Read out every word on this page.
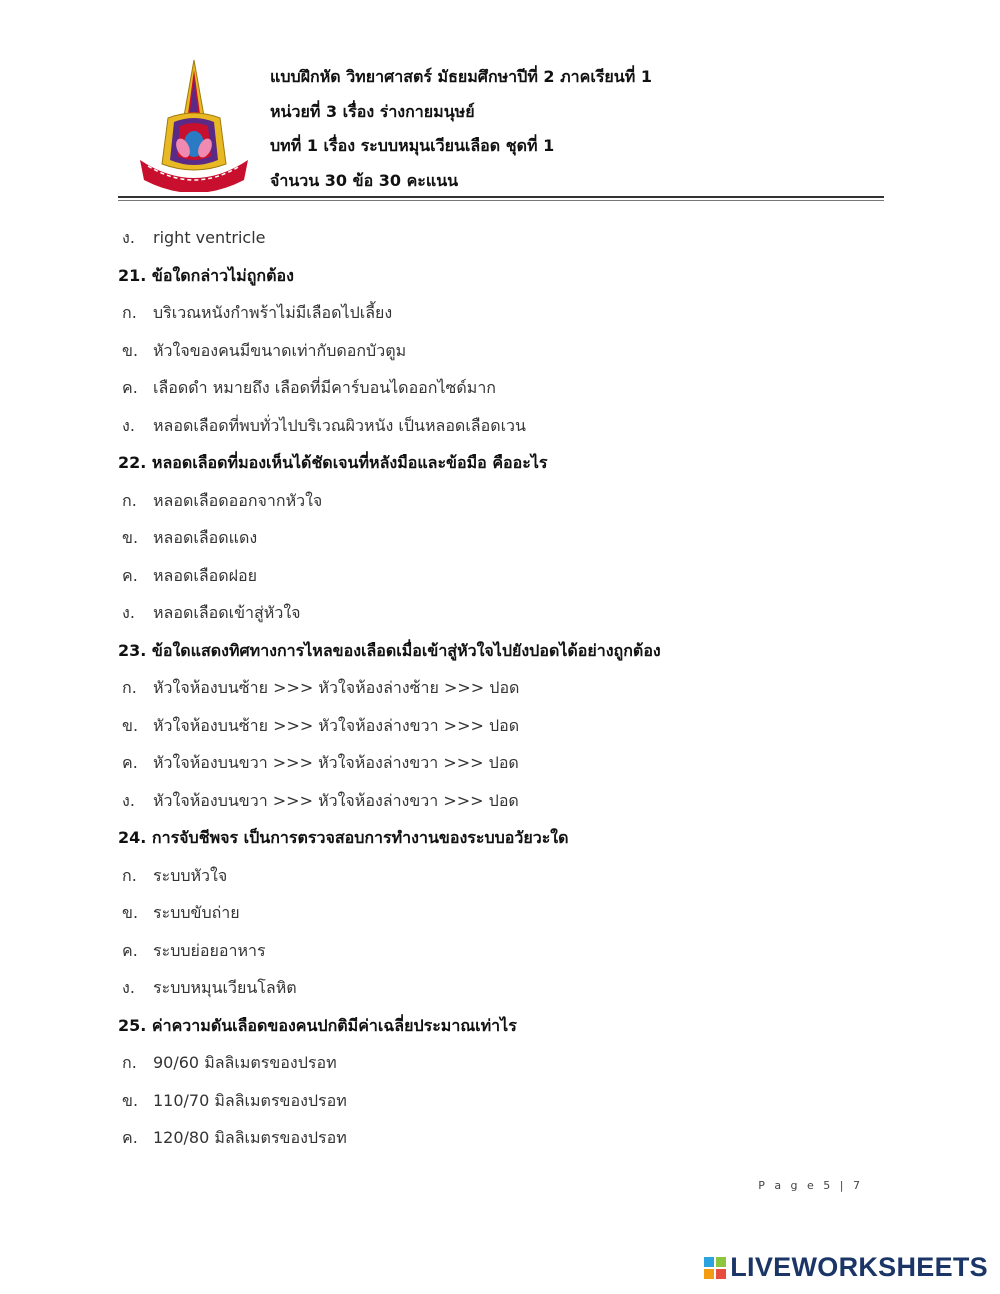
แบบฝึกหัด วิทยาศาสตร์ มัธยมศึกษาปีที่ 2 ภาคเรียนที่ 1
หน่วยที่ 3 เรื่อง ร่างกายมนุษย์
บทที่ 1 เรื่อง ระบบหมุนเวียนเลือด ชุดที่ 1
จำนวน 30 ข้อ 30 คะแนน
ง. right ventricle
21. ข้อใดกล่าวไม่ถูกต้อง
ก. บริเวณหนังกำพร้าไม่มีเลือดไปเลี้ยง
ข. หัวใจของคนมีขนาดเท่ากับดอกบัวตูม
ค. เลือดดำ หมายถึง เลือดที่มีคาร์บอนไดออกไซด์มาก
ง. หลอดเลือดที่พบทั่วไปบริเวณผิวหนัง เป็นหลอดเลือดเวน
22. หลอดเลือดที่มองเห็นได้ชัดเจนที่หลังมือและข้อมือ คืออะไร
ก. หลอดเลือดออกจากหัวใจ
ข. หลอดเลือดแดง
ค. หลอดเลือดฝอย
ง. หลอดเลือดเข้าสู่หัวใจ
23. ข้อใดแสดงทิศทางการไหลของเลือดเมื่อเข้าสู่หัวใจไปยังปอดได้อย่างถูกต้อง
ก. หัวใจห้องบนซ้าย >>> หัวใจห้องล่างซ้าย >>> ปอด
ข. หัวใจห้องบนซ้าย >>> หัวใจห้องล่างขวา >>> ปอด
ค. หัวใจห้องบนขวา >>> หัวใจห้องล่างขวา >>> ปอด
ง. หัวใจห้องบนขวา >>> หัวใจห้องล่างขวา >>> ปอด
24. การจับชีพจร เป็นการตรวจสอบการทำงานของระบบอวัยวะใด
ก. ระบบหัวใจ
ข. ระบบขับถ่าย
ค. ระบบย่อยอาหาร
ง. ระบบหมุนเวียนโลหิต
25. ค่าความดันเลือดของคนปกติมีค่าเฉลี่ยประมาณเท่าไร
ก. 90/60 มิลลิเมตรของปรอท
ข. 110/70 มิลลิเมตรของปรอท
ค. 120/80 มิลลิเมตรของปรอท
P a g e 5 | 7
LIVEWORKSHEETS
